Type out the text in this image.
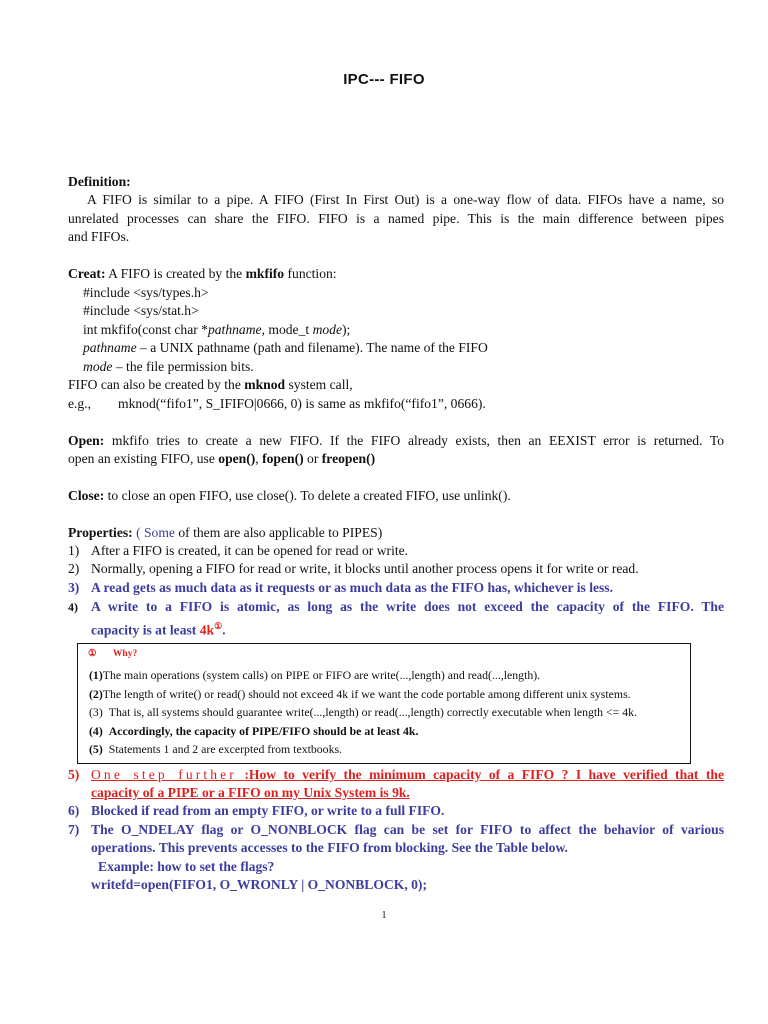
IPC--- FIFO
Definition:
A FIFO is similar to a pipe. A FIFO (First In First Out) is a one-way flow of data. FIFOs have a name, so
unrelated processes can share the FIFO. FIFO is a named pipe. This is the main difference between pipes
and FIFOs.
Creat: A FIFO is created by the mkfifo function:
#include <sys/types.h>
#include <sys/stat.h>
int mkfifo(const char *pathname, mode_t mode);
pathname – a UNIX pathname (path and filename). The name of the FIFO
mode – the file permission bits.
FIFO can also be created by the mknod system call,
e.g., mknod(“fifo1”, S_IFIFO|0666, 0) is same as mkfifo(“fifo1”, 0666).
Open: mkfifo tries to create a new FIFO. If the FIFO already exists, then an EEXIST error is returned. To
open an existing FIFO, use open(), fopen() or freopen()
Close: to close an open FIFO, use close(). To delete a created FIFO, use unlink().
Properties: ( Some of them are also applicable to PIPES)
1) After a FIFO is created, it can be opened for read or write.
2) Normally, opening a FIFO for read or write, it blocks until another process opens it for write or read.
3) A read gets as much data as it requests or as much data as the FIFO has, whichever is less.
4) A write to a FIFO is atomic, as long as the write does not exceed the capacity of the FIFO. The
capacity is at least 4k①.
① Why?
(1)The main operations (system calls) on PIPE or FIFO are write(...,length) and read(...,length).
(2)The length of write() or read() should not exceed 4k if we want the code portable among different unix systems.
(3) That is, all systems should guarantee write(...,length) or read(...,length) correctly executable when length <= 4k.
(4) Accordingly, the capacity of PIPE/FIFO should be at least 4k.
(5) Statements 1 and 2 are excerpted from textbooks.
5) One step further :How to verify the minimum capacity of a FIFO ? I have verified that the
capacity of a PIPE or a FIFO on my Unix System is 9k.
6) Blocked if read from an empty FIFO, or write to a full FIFO.
7) The O_NDELAY flag or O_NONBLOCK flag can be set for FIFO to affect the behavior of various
operations. This prevents accesses to the FIFO from blocking. See the Table below.
Example: how to set the flags?
writefd=open(FIFO1, O_WRONLY | O_NONBLOCK, 0);
1
